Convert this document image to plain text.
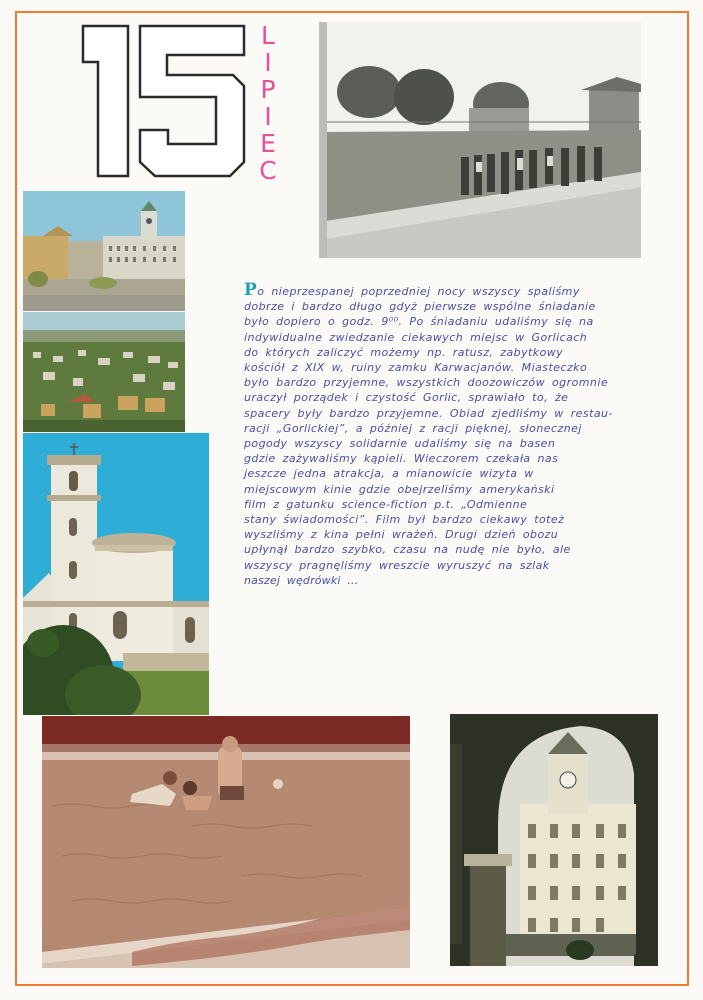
L
I
P
I
E
C
Po nieprzespanej poprzedniej nocy wszyscy spaliśmy
dobrze i bardzo długo gdyż pierwsze wspólne śniadanie
było dopiero o godz. 9⁰⁰. Po śniadaniu udaliśmy się na
indywidualne zwiedzanie ciekawych miejsc w Gorlicach
do których zaliczyć możemy np. ratusz, zabytkowy
kościół z XIX w, ruiny zamku Karwacjanów. Miasteczko
było bardzo przyjemne, wszystkich doozowiczów ogromnie
uraczył porządek i czystość Gorlic, sprawiało to, że
spacery były bardzo przyjemne. Obiad zjedliśmy w restau-
racji „Gorlickiej”, a później z racji pięknej, słonecznej
pogody wszyscy solidarnie udaliśmy się na basen
gdzie zażywaliśmy kąpieli. Wieczorem czekała nas
jeszcze jedna atrakcja, a mianowicie wizyta w
miejscowym kinie gdzie obejrzeliśmy amerykański
film z gatunku science-fiction p.t. „Odmienne
stany świadomości”. Film był bardzo ciekawy toteż
wyszliśmy z kina pełni wrażeń. Drugi dzień obozu
upłynął bardzo szybko, czasu na nudę nie było, ale
wszyscy pragnęliśmy wreszcie wyruszyć na szlak
naszej wędrówki ...
